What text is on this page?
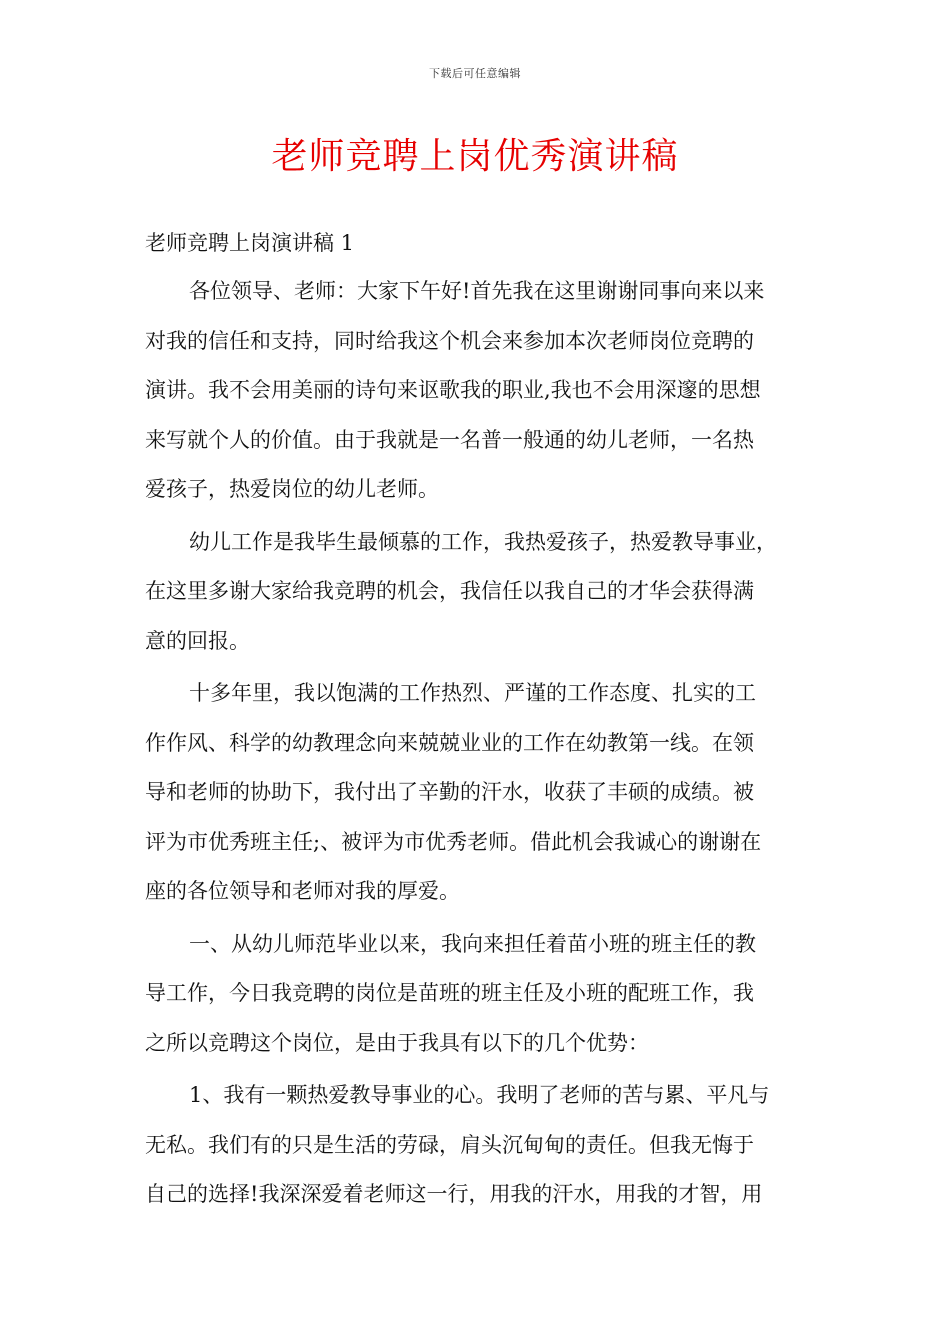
下载后可任意编辑
老师竞聘上岗优秀演讲稿
老师竞聘上岗演讲稿 1
各位领导、老师：大家下午好!首先我在这里谢谢同事向来以来
对我的信任和支持，同时给我这个机会来参加本次老师岗位竞聘的
演讲。我不会用美丽的诗句来讴歌我的职业,我也不会用深邃的思想
来写就个人的价值。由于我就是一名普一般通的幼儿老师，一名热
爱孩子，热爱岗位的幼儿老师。
幼儿工作是我毕生最倾慕的工作，我热爱孩子，热爱教导事业，
在这里多谢大家给我竞聘的机会，我信任以我自己的才华会获得满
意的回报。
十多年里，我以饱满的工作热烈、严谨的工作态度、扎实的工
作作风、科学的幼教理念向来兢兢业业的工作在幼教第一线。在领
导和老师的协助下，我付出了辛勤的汗水，收获了丰硕的成绩。被
评为市优秀班主任;、被评为市优秀老师。借此机会我诚心的谢谢在
座的各位领导和老师对我的厚爱。
一、从幼儿师范毕业以来，我向来担任着苗小班的班主任的教
导工作，今日我竞聘的岗位是苗班的班主任及小班的配班工作，我
之所以竞聘这个岗位，是由于我具有以下的几个优势：
1、我有一颗热爱教导事业的心。我明了老师的苦与累、平凡与
无私。我们有的只是生活的劳碌，肩头沉甸甸的责任。但我无悔于
自己的选择!我深深爱着老师这一行，用我的汗水，用我的才智，用
